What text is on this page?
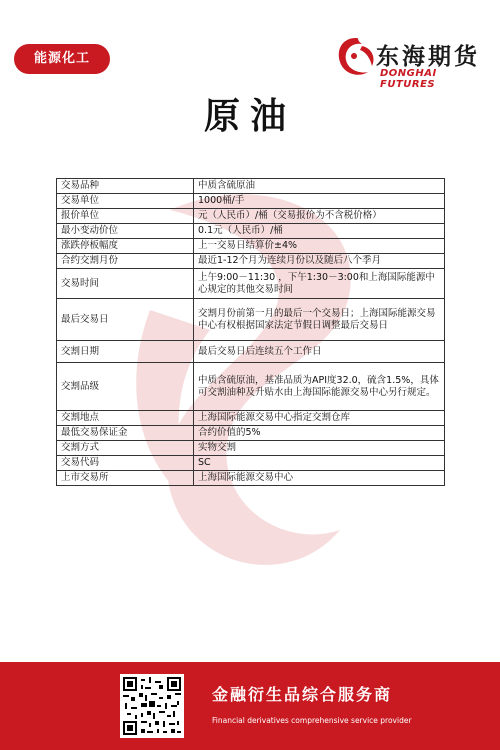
能源化工	东海期货
DONGHAI FUTURES
原油
交易品种	中质含硫原油
交易单位	1000桶/手
报价单位	元（人民币）/桶（交易报价为不含税价格）
最小变动价位	0.1元（人民币）/桶
涨跌停板幅度	上一交易日结算价±4%
合约交割月份	最近1-12个月为连续月份以及随后八个季月
交易时间	上午9:00－11:30 ，下午1:30－3:00和上海国际能源中心规定的其他交易时间
最后交易日	交割月份前第一月的最后一个交易日；上海国际能源交易中心有权根据国家法定节假日调整最后交易日
交割日期	最后交易日后连续五个工作日
交割品级	中质含硫原油，基准品质为API度32.0，硫含1.5%，具体可交割油种及升贴水由上海国际能源交易中心另行规定。
交割地点	上海国际能源交易中心指定交割仓库
最低交易保证金	合约价值的5%
交割方式	实物交割
交易代码	SC
上市交易所	上海国际能源交易中心
金融衍生品综合服务商
Financial derivatives comprehensive service provider
